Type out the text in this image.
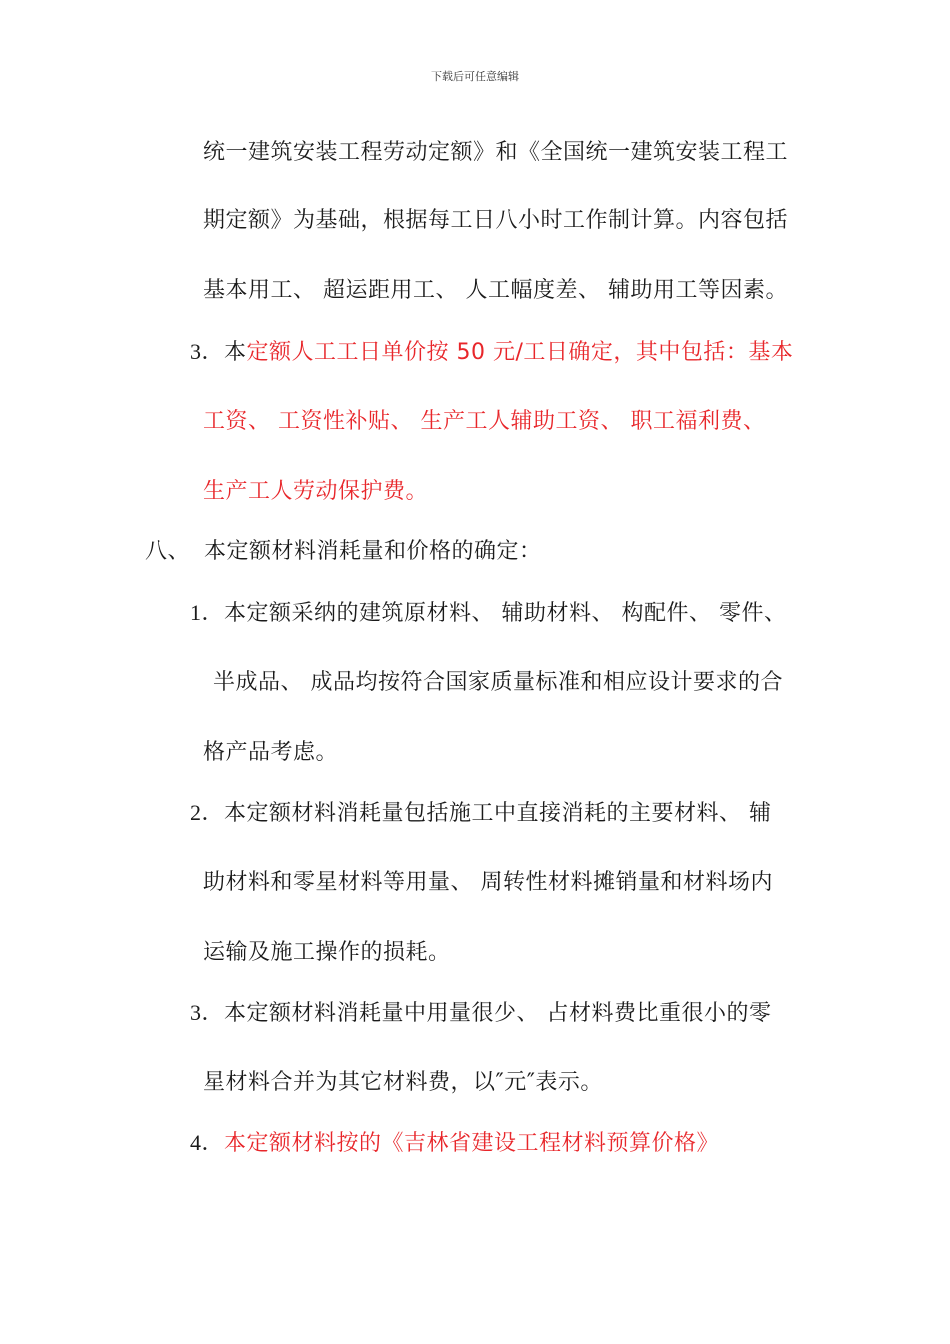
下载后可任意编辑
统一建筑安装工程劳动定额》和《全国统一建筑安装工程工
期定额》为基础，根据每工日八小时工作制计算。内容包括
基本用工、 超运距用工、 人工幅度差、 辅助用工等因素。
3．本定额人工工日单价按 50 元/工日确定，其中包括：基本
工资、 工资性补贴、 生产工人辅助工资、 职工福利费、
生产工人劳动保护费。
八、 本定额材料消耗量和价格的确定：
1．本定额采纳的建筑原材料、 辅助材料、 构配件、 零件、
半成品、 成品均按符合国家质量标准和相应设计要求的合
格产品考虑。
2．本定额材料消耗量包括施工中直接消耗的主要材料、 辅
助材料和零星材料等用量、 周转性材料摊销量和材料场内
运输及施工操作的损耗。
3．本定额材料消耗量中用量很少、 占材料费比重很小的零
星材料合并为其它材料费，以″元″表示。
4．本定额材料按的《吉林省建设工程材料预算价格》
